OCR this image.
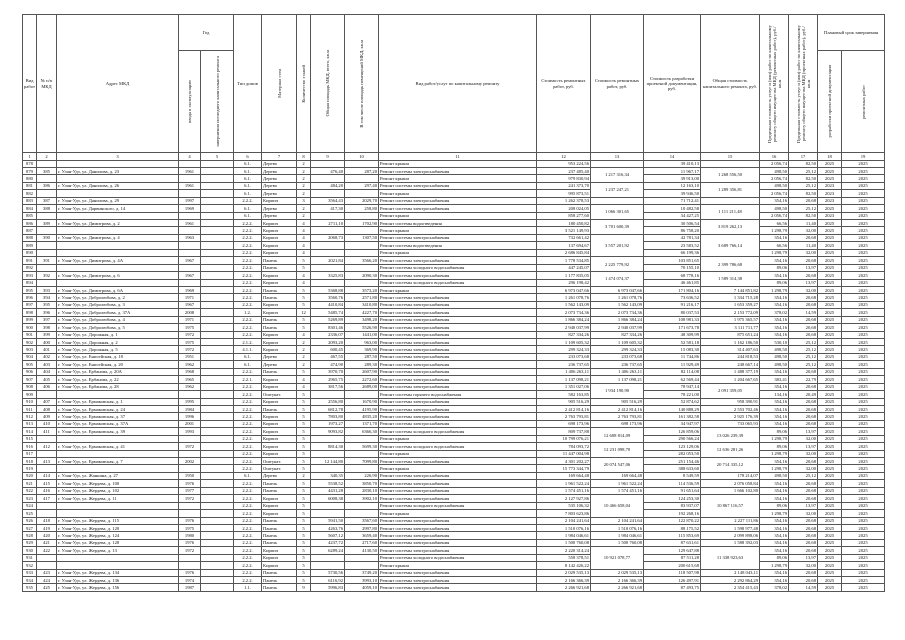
Вид работ	№ п/п МКД	Адрес МКД	Год		Тип домов	Материал стен	Количество этажей	Общая площадь МКД, всего, кв.м	В том числе площадь помещений МКД, кв.м	Вид работ/услуг по капитальному ремонту	Стоимость ремонтных работ, руб.	Стоимость ремонтных работ, руб.	Стоимость разработки проектной документации, руб.	Общая стоимость капитального ремонта, руб.	Предельная стоимость услуг и (или) работ по капитальному ремонту общего имущества МКД (ремонтных работ), руб./кв.м	Предельная стоимость услуг и (или) работ по капитальному ремонту общего имущества МКД (проектных работ), руб./кв.м	Плановый срок завершения	

			ввода в эксплуатацию	завершения последнего капитального ремонта													разработки проектной документации	ремонтных работ

1	2	3	4	5	6	7	8	9	10	11	12	13	14	15	16	17	18	19
878					6.1.	Дерево	2			Ремонт крыши	953 224,56		39 410,13		2 056,74	82,50	2025	2025
879	385	г. Улан-Удэ, ул. Данилова, д. 23	1961		6.1.	Дерево	2	476,40	287,20	Ремонт системы электроснабжения	237 485,40	1 217 316,34	11 967,17	1 268 556,50	498,50	25,12	2025	2025
880					6.1.	Дерево	2			Ремонт крыши	979 830,94		39 913,00		2 056,74	82,50	2025	2025
881	386	г. Улан-Удэ, ул. Данилова, д. 26	1961		6.1.	Дерево	2	484,20	297,40	Ремонт системы электроснабжения	241 373,70	1 237 247,21	12 163,10	1 289 356,81	498,50	25,12	2023	2025
882					6.1.	Дерево	2			Ремонт крыши	995 873,51		39 946,50		2 056,74	82,50	2023	2025
883	387	г. Улан-Удэ, ул. Данилова, д. 29	1997		2.2.2.	Кирпич	3	3564,43	2029,70	Ремонт системы электроснабжения	1 262 378,53		71 712,41		354,16	20,68	2023	2025
884	388	г. Улан-Удэ, ул. Дарвинского, д. 14	1969		6.1.	Дерево	2	417,30	258,80	Ремонт системы электроснабжения	208 024,05	1 066 301,65	10 482,58	1 111 211,48	498,50	25,12	2025	2025
885					6.1.	Дерево	2			Ремонт крыши	858 277,60		34 427,25		2 056,74	82,50	2023	2025
886	389	г. Улан-Удэ, ул. Димитрова, д. 2	1961		2.2.2.	Кирпич	4	2711,10	1702,90	Ремонт системы водоотведения	180 450,82	3 701 600,39	30 506,54	3 819 262,13	66,56	11,40	2025	2025
887					2.2.2.	Кирпич	4			Ремонт крыши	3 521 149,93		86 758,20		1 298,79	32,00	2025	2025
888	390	г. Улан-Удэ, ул. Димитрова, д. 4	1963		2.2.2.	Кирпич	4	2068,73	1307,50	Ремонт системы электроснабжения	732 661,42	3 557 201,92	42 781,34	3 689 766,14	354,16	20,68	2025	2025
889					2.2.2.	Кирпич	4			Ремонт системы водоотведения	137 694,67		23 583,52		66,56	11,40	2025	2025
890					2.2.2.	Кирпич	4			Ремонт крыши	2 686 845,84		66 199,36		1 298,79	32,00	2025	2025
891	391	г. Улан-Удэ, ул. Димитрова, д. 4А	1967		2.2.2.	Панель	5	2021,84	3566,20	Ремонт системы электроснабжения	1 778 534,85	2 225 779,92	103 851,65	2 399 786,68	354,16	20,68	2025	2025
892					2.2.2.	Панель	5			Ремонт системы холодного водоснабжения	447 245,07		70 155,10		89,06	13,97	2025	2025
893	392	г. Улан-Удэ, ул. Димитрова, д. 6	1967		2.2.2.	Кирпич	4	3325,83	2090,30	Ремонт системы электроснабжения	1 177 835,05	1 474 074,37	68 778,16	1 589 314,38	354,16	20,68	2025	2025
894					2.2.2.	Кирпич	4			Ремонт системы холодного водоснабжения	296 198,42		46 461,85		89,06	13,97	2025	2025
895	393	г. Улан-Удэ, ул. Димитрова, д. 6А	1969		2.2.2.	Панель	5	5368,88	3573,20	Ремонт крыши	6 973 047,66	6 973 047,66	171 804,16	7 144 851,82	1 298,79	32,00	2025	2025
896	394	г. Улан-Удэ, ул. Добролюбова, д. 2	1971		2.2.2.	Панель	5	3560,76	2571,80	Ремонт системы электроснабжения	1 261 078,76	1 261 078,76	73 636,52	1 334 715,28	354,16	20,68	2025	2025
897	395	г. Улан-Удэ, ул. Добролюбова, д. 3	1967		2.2.2.	Кирпич	5	4410,84	3410,80	Ремонт системы электроснабжения	1 562 143,09	1 562 143,09	91 216,17	1 653 359,27	354,16	20,68	2025	2025
898	396	г. Улан-Удэ, ул. Добролюбова, д. 37А	2008		1.2.	Кирпич	12	5485,74	4227,70	Ремонт системы электроснабжения	2 073 734,36	2 073 734,36	80 037,53	2 153 772,09	378,02	14,59	2025	2025
899	397	г. Улан-Удэ, ул. Добролюбова, д. 4	1971		2.2.2.	Панель	5	5269,89	3498,20	Ремонт системы электроснабжения	1 866 384,24	1 866 384,24	108 981,33	1 975 365,57	354,16	20,68	2025	2025
900	398	г. Улан-Удэ, ул. Добролюбова, д. 5	1975		2.2.2.	Панель	5	8301,46	5526,90	Ремонт системы электроснабжения	2 940 037,99	2 940 037,99	171 673,78	3 111 711,77	354,16	20,68	2025	2025
901	399	г. Улан-Удэ, ул. Дорожная, д. 1	1972		2.2.2.	Кирпич	4	2336,07	1441,00	Ремонт системы электроснабжения	827 3З4,26	827 334,26	48 309,99	875 651,24	354,16	20,68	2025	2025
902	400	г. Улан-Удэ, ул. Дорожная, д. 2	1975		2.1.2.	Кирпич	2	2093,20	963,00	Ремонт системы электроснабжения	1 109 605,32	1 109 605,32	52 581,18	1 162 186,50	530,10	25,12	2025	2025
903	401	г. Улан-Удэ, ул. Дорожная, д. 5	1972		4.1.1.	Кирпич	2	600,45	369,90	Ремонт системы электроснабжения	299 324,33	299 324,33	15 083,30	314 407,63	498,50	25,12	2025	2025
904	402	г. Улан-Удэ, ул. Енисейская, д. 18	1951		6.1.	Дерево	2	467,55	287,50	Ремонт системы электроснабжения	233 073,68	233 073,68	11 744,86	244 818,53	498,50	25,12	2025	2025
905	403	г. Улан-Удэ, ул. Енисейская, д. 20	1962		6.1.	Дерево	2	474,90	289,30	Ремонт системы электроснабжения	236 737,65	236 737,65	11 929,49	248 667,14	498,50	25,12	2025	2025
906	404	г. Улан-Удэ, ул. Ербанова, д. 20А	1968		2.2.2.	Панель	5	3970,70	2607,90	Ремонт системы электроснабжения	1 406 263,11	1 406 263,11	82 114,08	1 488 377,19	354,16	20,68	2025	2025
907	405	г. Улан-Удэ, ул. Ербанова, д. 22	1965		2.2.1.	Кирпич	4	2965,75	2272,60	Ремонт системы электроснабжения	1 137 098,21	1 137 098,21	62 569,44	1 204 667,65	383,41	22,79	2025	2025
908	406	г. Улан-Удэ, ул. Ербанова, д. 28	1962		2.2.2.	Кирпич	4	3817,56	2689,00	Ремонт системы электроснабжения	1 351 027,06	1 934 190,90	78 947,14	2 091 359,05	354,16	20,68	2025	2025
909					2.2.2.	Оштукат.	5			Ремонт системы горячего водоснабжения	582 163,85		78 221,00		134,16	20,49	2025	2025
910	407	г. Улан-Удэ, ул. Ермаковская, д. 1	1995		2.2.2.	Кирпич	5	2556,80	1670,90	Ремонт системы электроснабжения	905 516,29	905 516,29	52 874,62	958 390,91	354,16	20,68	2025	2025
911	408	г. Улан-Удэ, ул. Ермаковская, д. 24	1984		2.2.2.	Панель	5	6812,78	4195,90	Ремонт системы электроснабжения	2 412 814,16	2 412 814,16	140 888,29	2 553 702,46	354,16	20,68	2025	2025
912	409	г. Улан-Удэ, ул. Ермаковская, д. 37	1996		2.2.2.	Кирпич	5	7803,80	4835,20	Ремонт системы электроснабжения	2 763 793,81	2 763 793,81	161 382,58	2 925 176,39	354,16	20,68	2025	2025
913	410	г. Улан-Удэ, ул. Ермаковская, д. 37А	2001		2.2.2.	Кирпич	5	1973,27	1371,70	Ремонт системы электроснабжения	698 173,96	698 173,96	34 947,97	733 065,93	354,16	20,68	2025	2025
914	411	г. Улан-Удэ, ул. Ермаковская, д. 39	1993		2.2.2.	Кирпич	5	9093,82	6366,30	Ремонт системы холодного водоснабжения	809 737,88	12 608 814,09	126 859,06	13 026 239,39	89,06	13,97	2025	2025
915					2.2.2.	Кирпич	5			Ремонт крыши	10 799 076,21		290 566,24		1 298,79	32,00	2025	2025
916	412	г. Улан-Удэ, ул. Ермаковская, д. 41	1972		2.2.2.	Кирпич	5	8814,30	5699,30	Ремонт системы холодного водоснабжения	784 093,72	12 231 098,70	123 129,06	12 636 281,26	89,06	13,97	2025	2025
917					2.2.2.	Кирпич	5			Ремонт крыши	11 447 004,98		282 053,50		1 298,79	32,00	2025	2025
918	413	г. Улан-Удэ, ул. Ермаковская, д. 7	2002		2.2.2.	Оштукат.	5	12 144,80	7099,80	Ремонт системы электроснабжения	4 301 202,27	20 074 547,06	251 154,46	20 714 335,12	354,16	20,68	2025	2025
919					2.2.2.	Оштукат.	5			Ремонт крыши	15 773 344,79		388 633,60		1 298,79	32,00	2025	2025
920	414	г. Улан-Удэ, ул. Жанкина, д. 27	1950		6.1.	Дерево	2	340,35	226,90	Ремонт системы электроснабжения	169 664,48	169 664,48	8 549,59	178 214,07	498,50	25,12	2025	2025
921	415	г. Улан-Удэ, ул. Жердева, д. 100	1976		2.2.2.	Панель	5	5538,52	3850,70	Ремонт системы электроснабжения	1 961 522,24	1 961 522,24	114 536,59	2 076 058,84	354,16	20,68	2025	2025
922	416	г. Улан-Удэ, ул. Жердева, д. 102	1977		2.2.2.	Панель	5	4431,28	2830,10	Ремонт системы электроснабжения	1 574 451,16	1 574 451,16	91 651,64	1 666 102,80	354,16	20,68	2025	2025
923	417	г. Улан-Удэ, ул. Жердева, д. 11	1972		2.2.2.	Кирпич	5	6008,38	3902,10	Ремонт системы электроснабжения	2 127 927,86	10 466 658,04	124 253,30	10 867 116,57	354,16	20,68	2025	2025
924					2.2.2.	Кирпич	5			Ремонт системы холодного водоснабжения	535 106,32		83 937,07		89,06	13,97	2025	2025
925					2.2.2.	Кирпич	5			Ремонт крыши	7 803 623,86		192 268,16		1 298,79	32,00	2025	2025
926	418	г. Улан-Удэ, ул. Жердева, д. 115	1976		2.2.2.	Панель	5	5941,50	3567,60	Ремонт системы электроснабжения	2 104 241,64	2 104 241,64	122 870,22	2 227 111,86	354,16	20,68	2025	2025
927	419	г. Улан-Удэ, ул. Жердева, д. 120	1975		2.2.2.	Панель	5	4263,76	2997,80	Ремонт системы электроснабжения	1 510 076,16	1 510 076,16	88 175,52	1 598 977,48	354,16	20,68	2025	2025
928	420	г. Улан-Удэ, ул. Жердева, д. 124	1980		2.2.2.	Панель	5	5607,12	3659,40	Ремонт системы электроснабжения	1 984 046,61	1 984 046,61	115 853,69	2 099 898,06	354,16	20,68	2025	2025
929	421	г. Улан-Удэ, ул. Жердева, д. 128	1976		2.2.2.	Панель	5	4237,72	2717,60	Ремонт системы электроснабжения	1 500 760,08	1 500 760,08	87 631,61	1 588 392,03	354,16	20,68	2025	2025
930	422	г. Улан-Удэ, ул. Жердева, д. 13	1972		2.2.2.	Кирпич	5	6289,24	4130,50	Ремонт системы электроснабжения	2 220 314,24	10 921 078,77	129 647,88	11 338 923,63	354,16	20,68	2025	2025
931					2.2.2.	Кирпич	5			Ремонт системы холодного водоснабжения	558 378,51		87 511,28		89,06	13,97	2025	2025
932					2.2.2.	Кирпич	5			Ремонт крыши	8 142 426,22		200 615,68		1 298,79	32,00	2025	2025
933	423	г. Улан-Удэ, ул. Жердева, д. 134	1976		2.2.2.	Панель	5	5730,56	3749,20	Ремонт системы электроснабжения	2 029 535,13	2 029 535,13	118 507,98	2 148 043,11	354,16	20,68	2025	2025
934	424	г. Улан-Удэ, ул. Жердева, д. 136	1974		2.2.2.	Панель	5	6116,92	3993,10	Ремонт системы электроснабжения	2 166 366,39	2 166 366,39	126 497,91	2 292 864,29	354,16	20,68	2025	2025
935	425	г. Улан-Удэ, ул. Жердева, д. 156	1987		1.1.	Панель	9	5996,83	4059,10	Ремонт системы электроснабжения	2 266 921,68	2 266 921,68	87 493,75	2 354 415,43	378,02	14,59	2025	2025
